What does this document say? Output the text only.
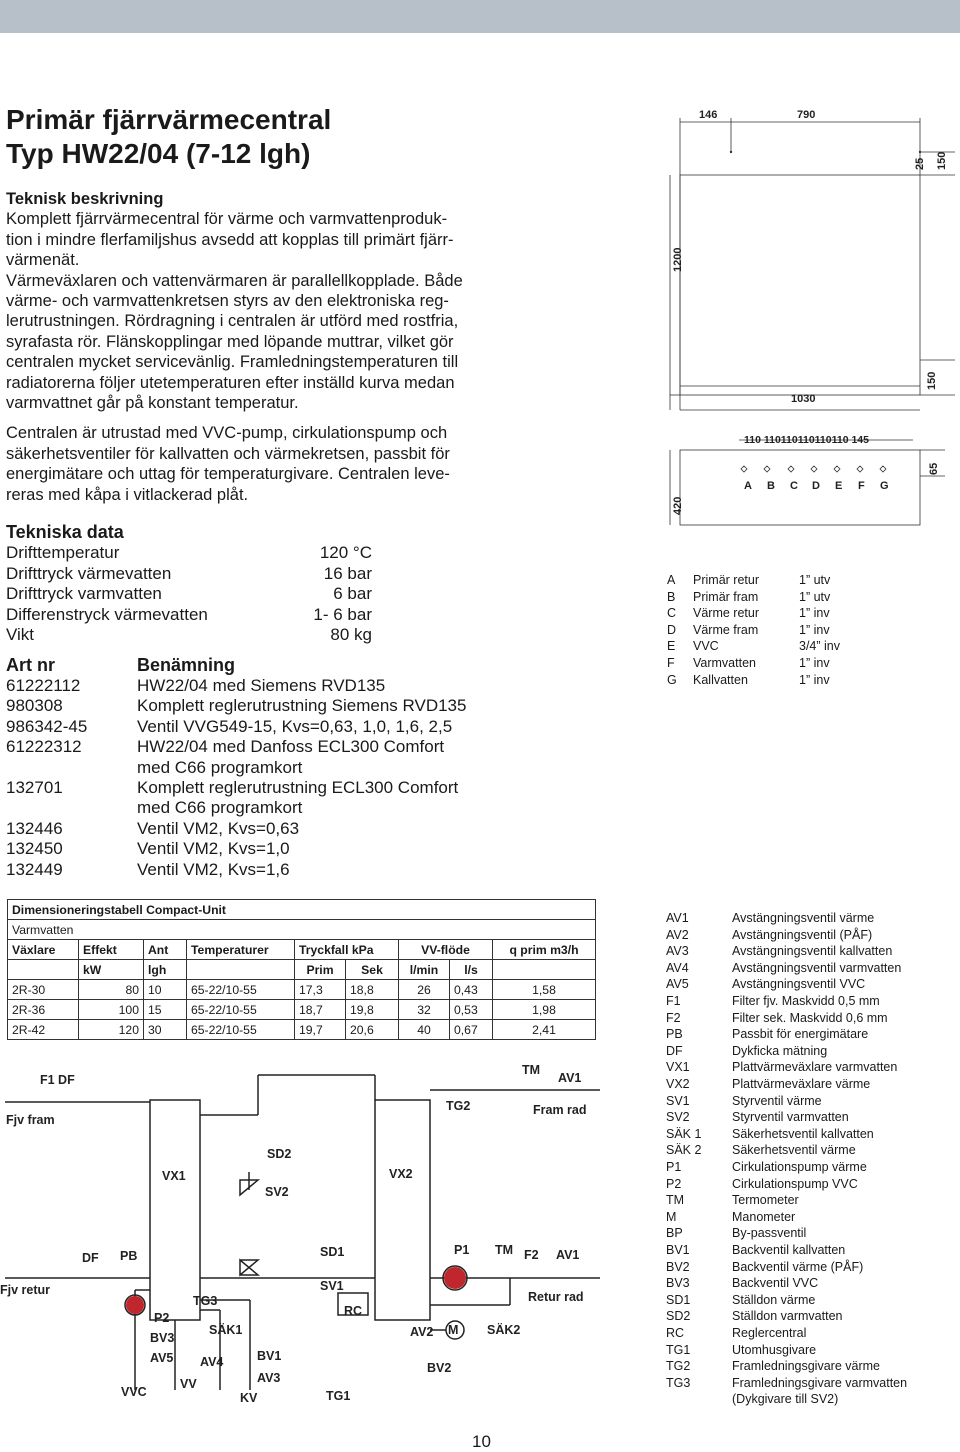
Primär fjärrvärmecentral
Typ HW22/04 (7-12 lgh)
Teknisk beskrivning
Komplett fjärrvärmecentral för värme och varmvattenproduk-
tion i mindre flerfamiljshus avsedd att kopplas till primärt fjärr-
värmenät.
Värmeväxlaren och vattenvärmaren är parallellkopplade. Både
värme- och varmvattenkretsen styrs av den elektroniska reg-
lerutrustningen. Rördragning i centralen är utförd med rostfria,
syrafasta rör. Flänskopplingar med löpande muttrar, vilket gör
centralen mycket servicevänlig. Framledningstemperaturen till
radiatorerna följer utetemperaturen efter inställd kurva medan
varmvattnet går på konstant temperatur.
Centralen är utrustad med VVC-pump, cirkulationspump och
säkerhetsventiler för kallvatten och värmekretsen, passbit för
energimätare och uttag för temperaturgivare. Centralen leve-
reras med kåpa i vitlackerad plåt.
Tekniska data
Drifttemperatur	120 °C
Drifttryck värmevatten	16 bar
Drifttryck varmvatten	6 bar
Differenstryck värmevatten	1- 6 bar
Vikt	80 kg
Art nr	Benämning
61222112	HW22/04 med Siemens RVD135
980308	Komplett reglerutrustning Siemens RVD135
986342-45	Ventil VVG549-15, Kvs=0,63, 1,0, 1,6, 2,5
61222312	HW22/04 med Danfoss ECL300 Comfort
med C66 programkort
132701	Komplett reglerutrustning ECL300 Comfort
med C66 programkort
132446	Ventil VM2, Kvs=0,63
132450	Ventil VM2, Kvs=1,0
132449	Ventil VM2, Kvs=1,6
146	790
25 150
1200
150
1030
110 110110110110110 145
65
420
A B C D E F G
A Primär retur	1” utv
B Primär fram	1” utv
C Värme retur	1” inv
D Värme fram	1” inv
E VVC	3/4” inv
F Varmvatten	1” inv
G Kallvatten	1” inv
Dimensioneringstabell Compact-Unit								
Varmvatten								
Växlare	Effekt	Ant	Temperaturer	Tryckfall kPa		VV-flöde		q prim m3/h
	kW	lgh		Prim	Sek	l/min	l/s	
2R-30	80	10	65-22/10-55	17,3	18,8	26	0,43	1,58
2R-36	100	15	65-22/10-55	18,7	19,8	32	0,53	1,98
2R-42	120	30	65-22/10-55	19,7	20,6	40	0,67	2,41
F1 DF
Fjv fram
Fjv retur
VX1	VX2
SD2
SV2
TG2
TM
AV1
Fram rad
DF PB	SD1
SV1
RC
P1 TM F2 AV1
Retur rad
TG3
P2
BV3
AV5
SÄK1
AV4	BV1
AV3
VVC
VV
KV	TG1
AV2 M SÄK2
BV2
AV1	Avstängningsventil värme
AV2	Avstängningsventil (PÅF)
AV3	Avstängningsventil kallvatten
AV4	Avstängningsventil varmvatten
AV5	Avstängningsventil VVC
F1	Filter fjv. Maskvidd 0,5 mm
F2	Filter sek. Maskvidd 0,6 mm
PB	Passbit för energimätare
DF	Dykficka mätning
VX1	Plattvärmeväxlare varmvatten
VX2	Plattvärmeväxlare värme
SV1	Styrventil värme
SV2	Styrventil varmvatten
SÄK 1 Säkerhetsventil kallvatten
SÄK 2 Säkerhetsventil värme
P1	Cirkulationspump värme
P2	Cirkulationspump VVC
TM	Termometer
M	Manometer
BP	By-passventil
BV1	Backventil kallvatten
BV2	Backventil värme (PÅF)
BV3	Backventil VVC
SD1	Ställdon värme
SD2	Ställdon varmvatten
RC	Reglercentral
TG1	Utomhusgivare
TG2	Framledningsgivare värme
TG3	Framledningsgivare varmvatten
(Dykgivare till SV2)
10
